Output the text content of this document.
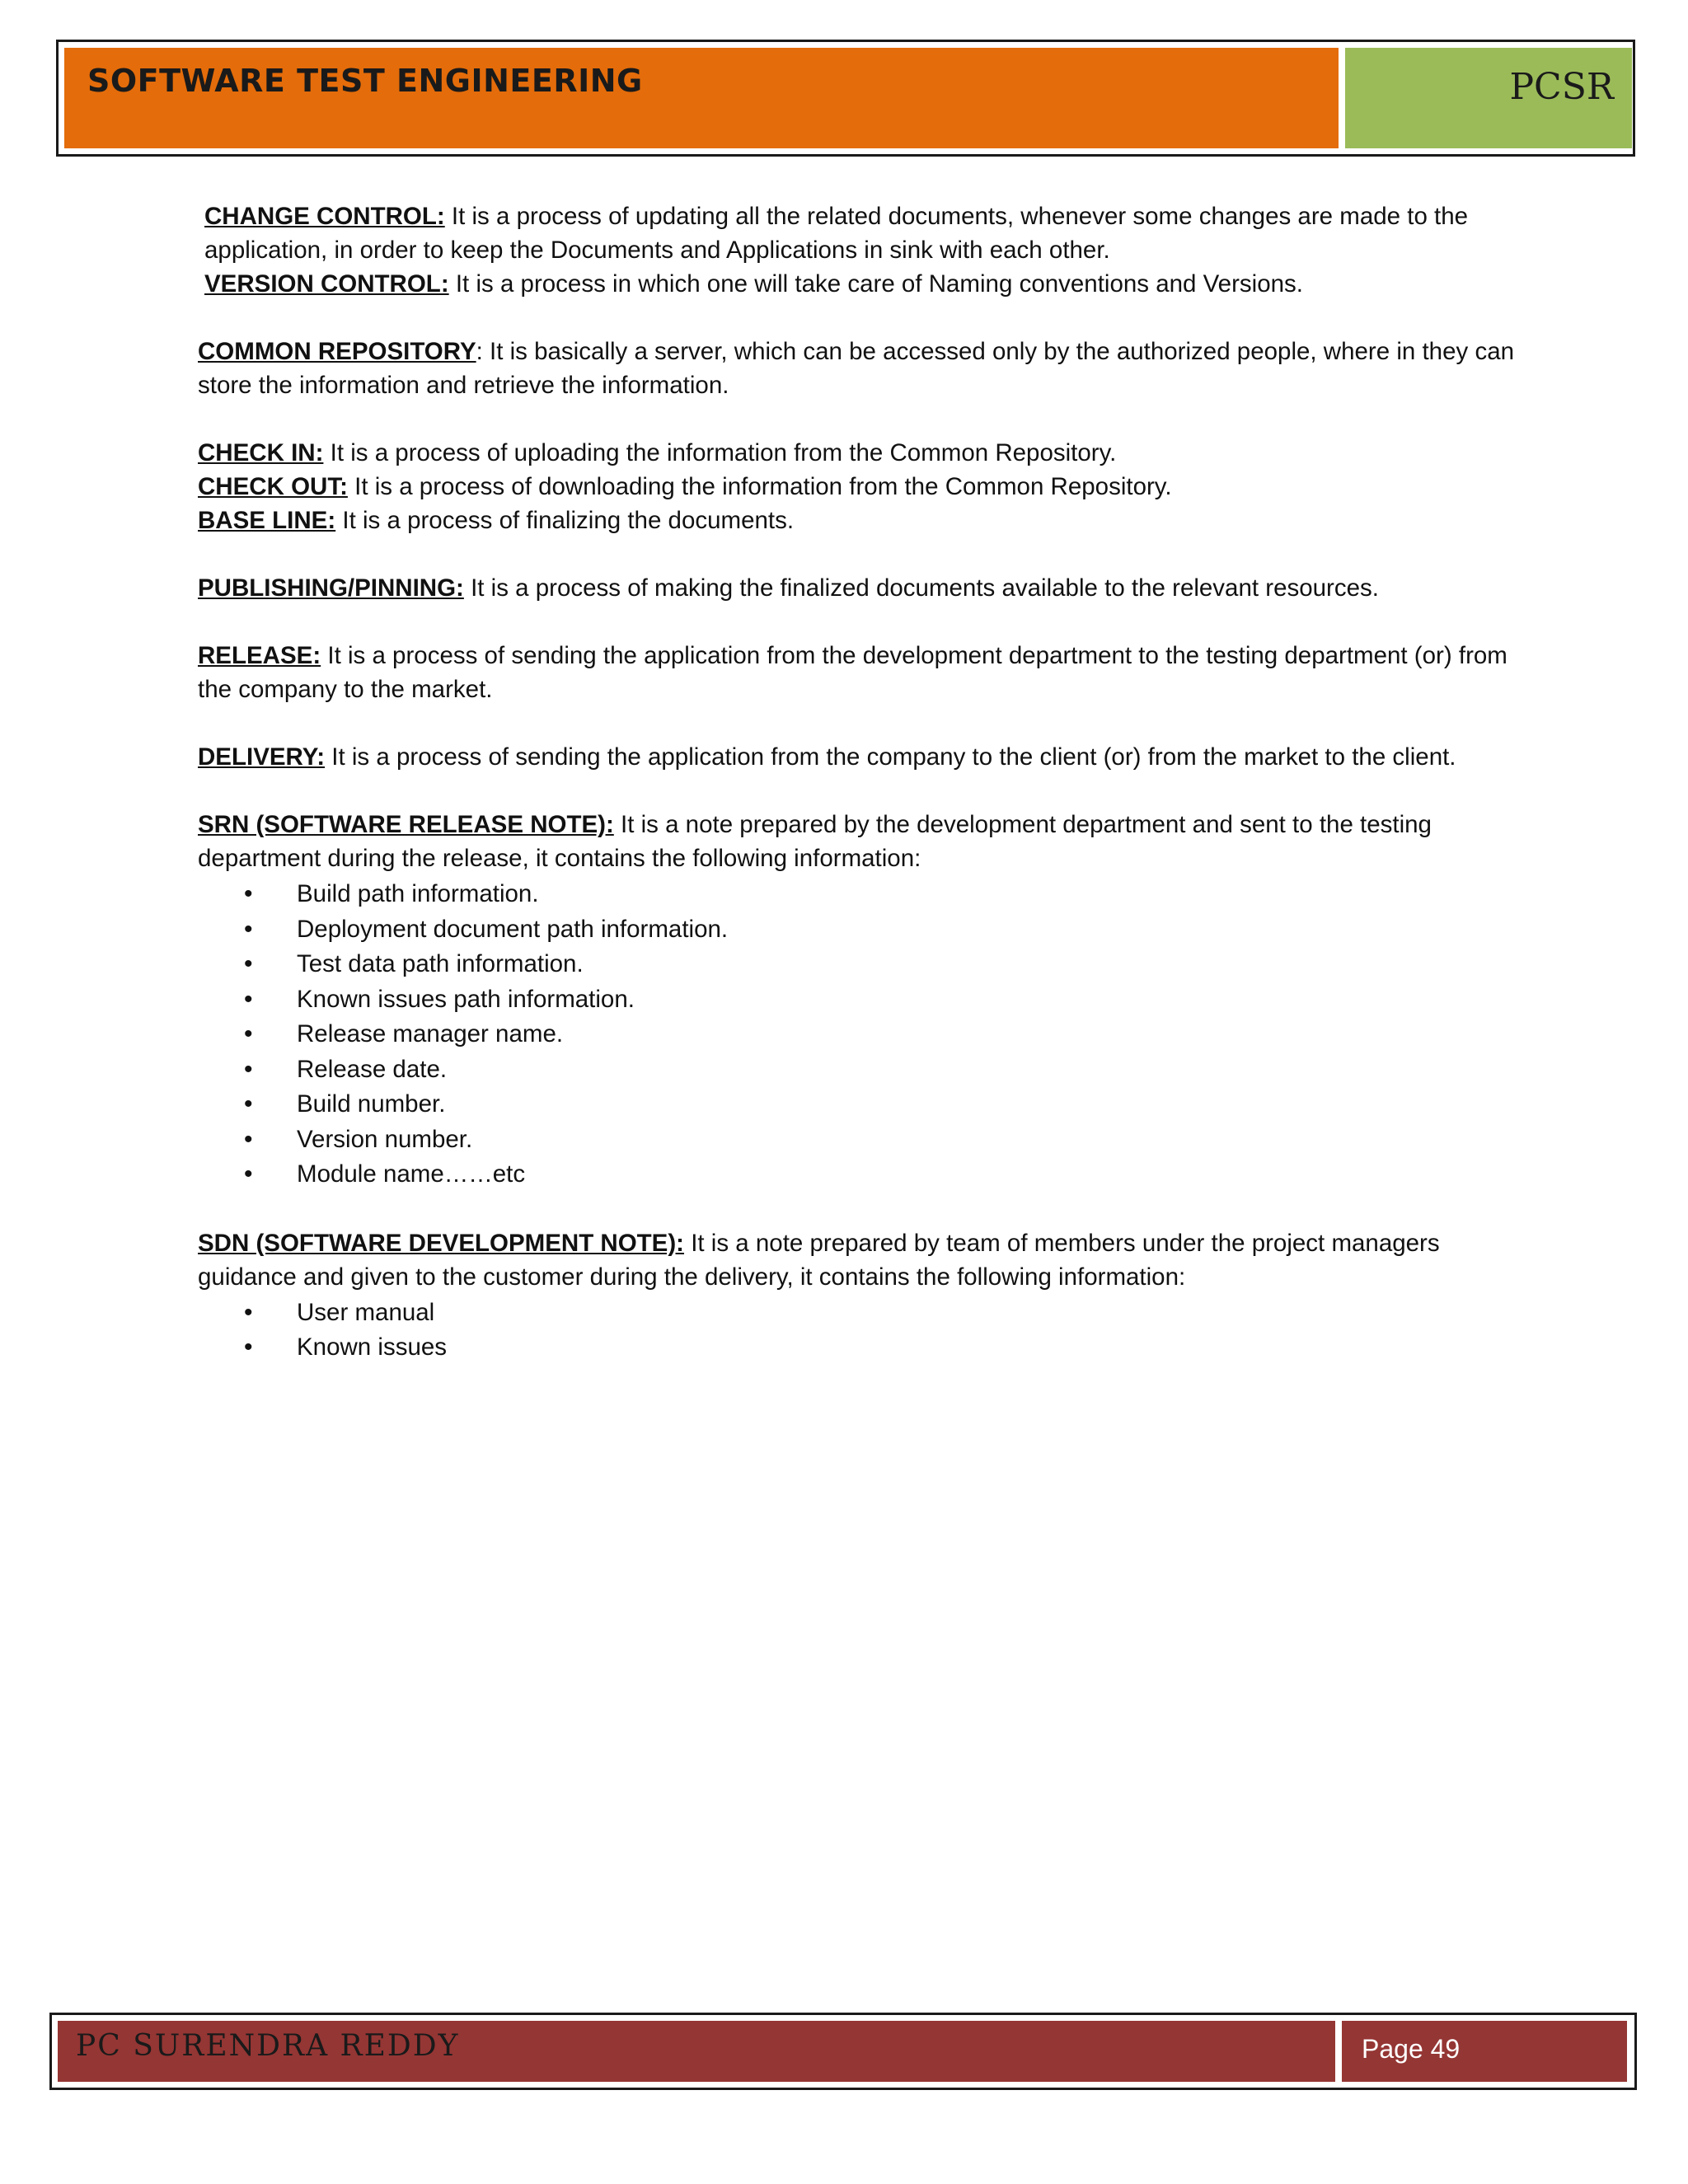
SOFTWARE TEST ENGINEERING	PCSR

CHANGE CONTROL: It is a process of updating all the related documents, whenever some changes are made to the application, in order to keep the Documents and Applications in sink with each other.

VERSION CONTROL: It is a process in which one will take care of Naming conventions and Versions.

COMMON REPOSITORY: It is basically a server, which can be accessed only by the authorized people, where in they can store the information and retrieve the information.

CHECK IN: It is a process of uploading the information from the Common Repository.

CHECK OUT: It is a process of downloading the information from the Common Repository.

BASE LINE: It is a process of finalizing the documents.

PUBLISHING/PINNING: It is a process of making the finalized documents available to the relevant resources.

RELEASE: It is a process of sending the application from the development department to the testing department (or) from the company to the market.

DELIVERY: It is a process of sending the application from the company to the client (or) from the market to the client.

SRN (SOFTWARE RELEASE NOTE): It is a note prepared by the development department and sent to the testing department during the release, it contains the following information:

• Build path information.
• Deployment document path information.
• Test data path information.
• Known issues path information.
• Release manager name.
• Release date.
• Build number.
• Version number.
• Module name……etc

SDN (SOFTWARE DEVELOPMENT NOTE): It is a note prepared by team of members under the project managers guidance and given to the customer during the delivery, it contains the following information:

• User manual
• Known issues
PC SURENDRA REDDY	Page 49
